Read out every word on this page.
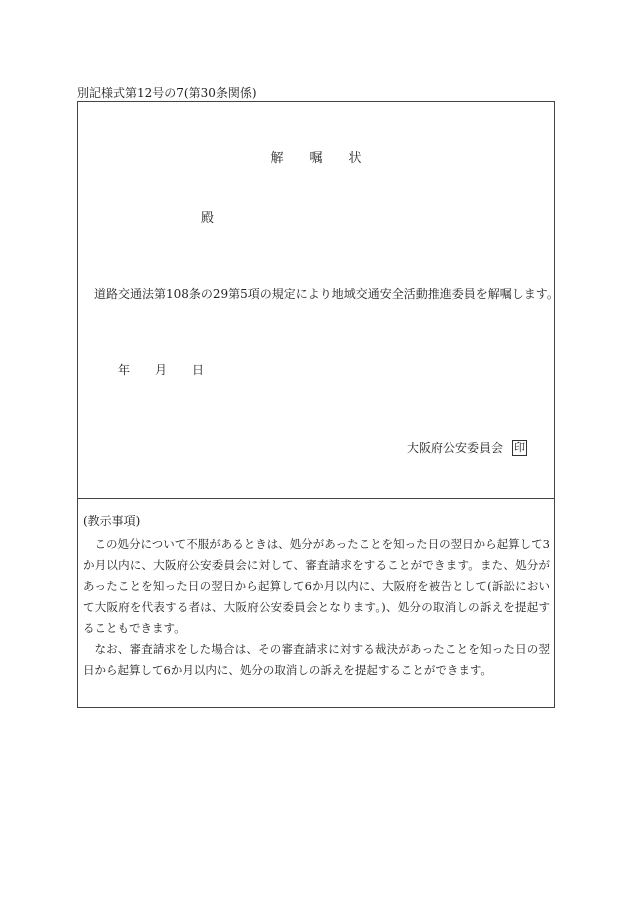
別記様式第12号の7(第30条関係)
解 嘱 状
殿
道路交通法第108条の29第5項の規定により地域交通安全活動推進委員を解嘱します。
年 月 日
大阪府公安委員会 印
(教示事項)

この処分について不服があるときは、処分があったことを知った日の翌日から起算して3か月以内に、大阪府公安委員会に対して、審査請求をすることができます。また、処分があったことを知った日の翌日から起算して6か月以内に、大阪府を被告として(訴訟において大阪府を代表する者は、大阪府公安委員会となります。)、処分の取消しの訴えを提起することもできます。

なお、審査請求をした場合は、その審査請求に対する裁決があったことを知った日の翌日から起算して6か月以内に、処分の取消しの訴えを提起することができます。
